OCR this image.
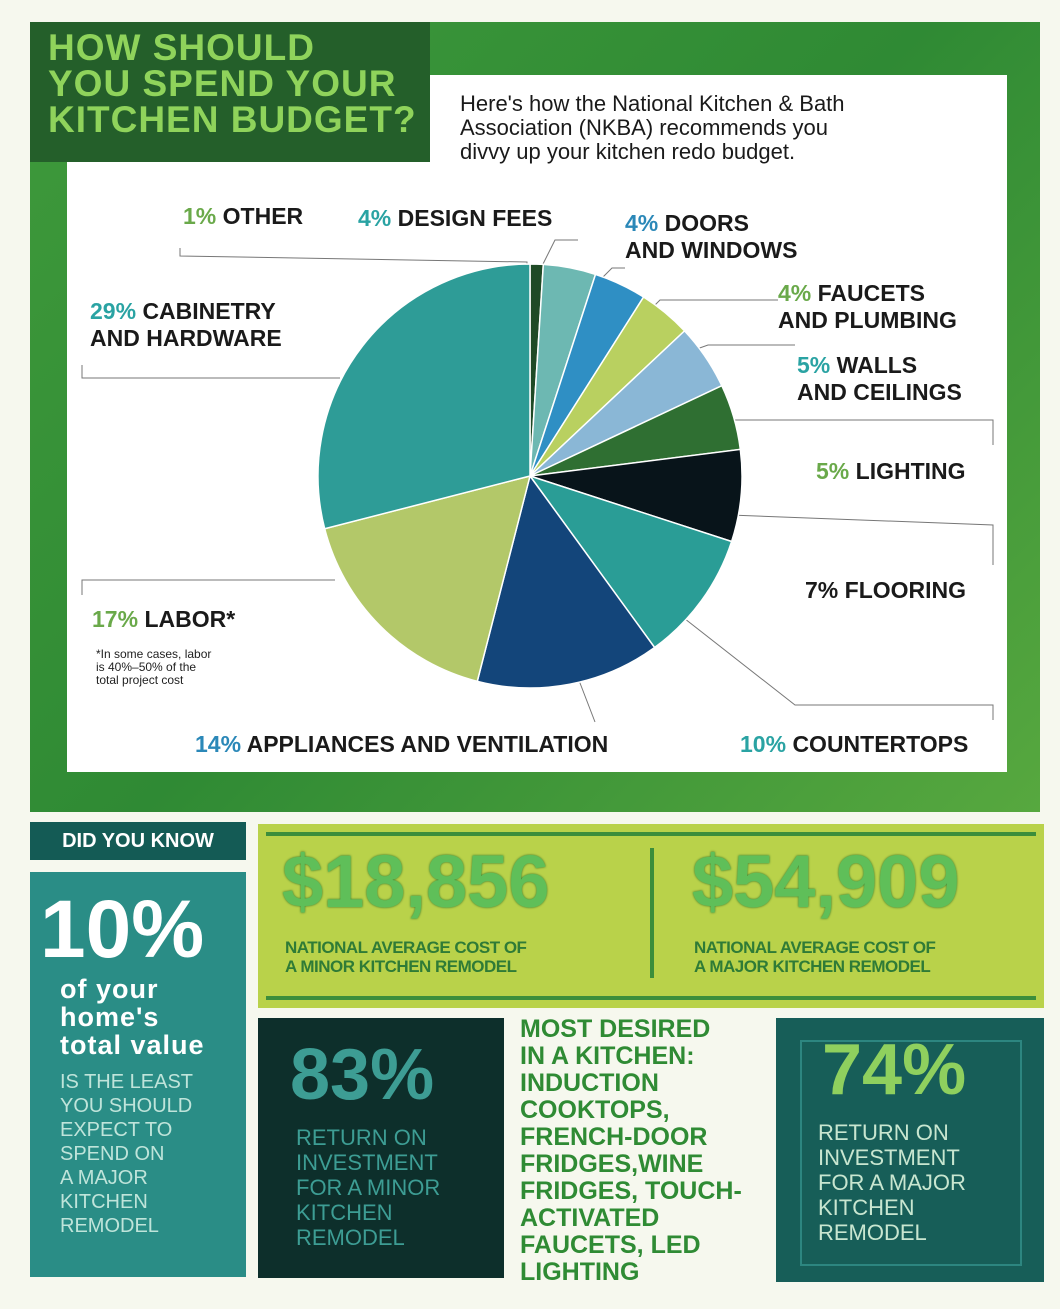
HOW SHOULD
YOU SPEND YOUR
KITCHEN BUDGET?	Here's how the National Kitchen & Bath
Association (NKBA) recommends you
divvy up your kitchen redo budget.
1% OTHER 4% DESIGN FEES	4% DOORS
AND WINDOWS
4% FAUCETS
AND PLUMBING
5% WALLS
AND CEILINGS
5% LIGHTING
7% FLOORING
10% COUNTERTOPS
14% APPLIANCES AND VENTILATION
17% LABOR*
*In some cases, labor
is 40%–50% of the
total project cost
29% CABINETRY
AND HARDWARE
DID YOU KNOW
10%
of your
home's
total value
IS THE LEAST
YOU SHOULD
EXPECT TO
SPEND ON
A MAJOR
KITCHEN
REMODEL
$18,856
NATIONAL AVERAGE COST OF
A MINOR KITCHEN REMODEL
$54,909
NATIONAL AVERAGE COST OF
A MAJOR KITCHEN REMODEL
83%
RETURN ON
INVESTMENT
FOR A MINOR
KITCHEN
REMODEL
MOST DESIRED
IN A KITCHEN:
INDUCTION
COOKTOPS,
FRENCH-DOOR
FRIDGES,WINE
FRIDGES, TOUCH-
ACTIVATED
FAUCETS, LED
LIGHTING
74%
RETURN ON
INVESTMENT
FOR A MAJOR
KITCHEN
REMODEL
